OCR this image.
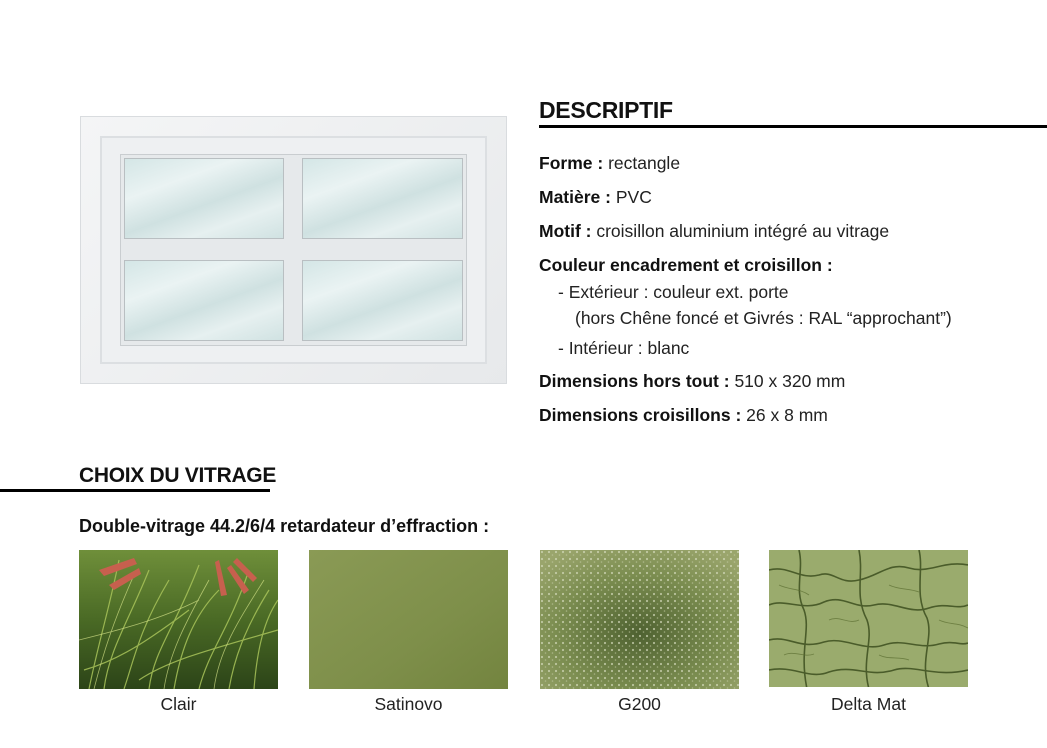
DESCRIPTIF
Forme : rectangle
Matière : PVC
Motif : croisillon aluminium intégré au vitrage
Couleur encadrement et croisillon :
- Extérieur : couleur ext. porte
(hors Chêne foncé et Givrés : RAL “approchant”)
- Intérieur : blanc
Dimensions hors tout : 510 x 320 mm
Dimensions croisillons : 26 x 8 mm
CHOIX DU VITRAGE
Double-vitrage 44.2/6/4 retardateur d’effraction :
Clair	Satinovo	G200	Delta Mat
